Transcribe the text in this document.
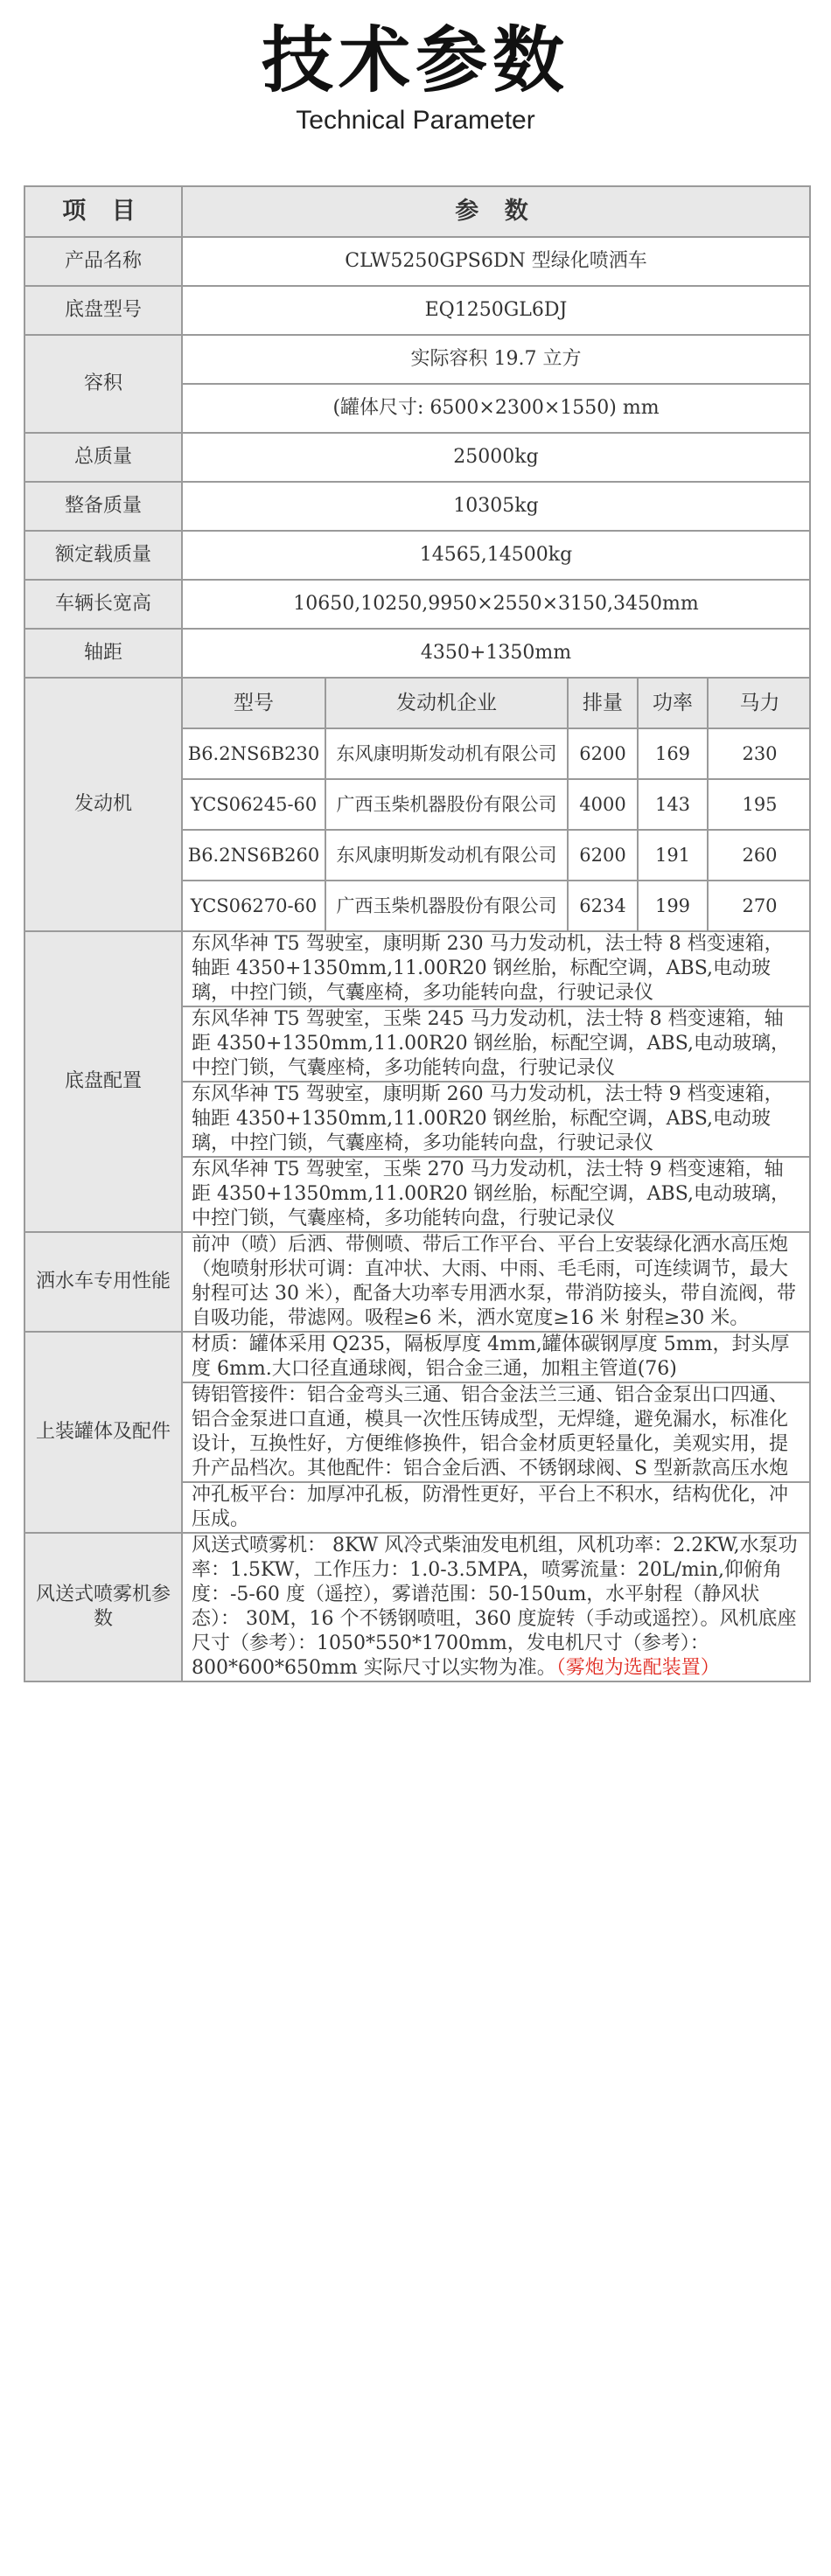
技术参数
Technical Parameter
项 目	参 数
产品名称	CLW5250GPS6DN 型绿化喷洒车
底盘型号	EQ1250GL6DJ
容积	实际容积 19.7 立方
(罐体尺寸: 6500×2300×1550) mm
总质量	25000kg
整备质量	10305kg
额定载质量	14565,14500kg
车辆长宽高	10650,10250,9950×2550×3150,3450mm
轴距	4350+1350mm
发动机	
型号	发动机企业	排量	功率	马力
B6.2NS6B230	东风康明斯发动机有限公司	6200	169	230
YCS06245-60	广西玉柴机器股份有限公司	4000	143	195
B6.2NS6B260	东风康明斯发动机有限公司	6200	191	260
YCS06270-60	广西玉柴机器股份有限公司	6234	199	270

底盘配置	东风华神 T5 驾驶室，康明斯 230 马力发动机，法士特 8 档变速箱，轴距 4350+1350mm,11.00R20 钢丝胎，标配空调，ABS,电动玻璃，中控门锁，气囊座椅，多功能转向盘，行驶记录仪
东风华神 T5 驾驶室，玉柴 245 马力发动机，法士特 8 档变速箱，轴距 4350+1350mm,11.00R20 钢丝胎，标配空调，ABS,电动玻璃，中控门锁，气囊座椅，多功能转向盘，行驶记录仪
东风华神 T5 驾驶室，康明斯 260 马力发动机，法士特 9 档变速箱，轴距 4350+1350mm,11.00R20 钢丝胎，标配空调，ABS,电动玻璃，中控门锁，气囊座椅，多功能转向盘，行驶记录仪
东风华神 T5 驾驶室，玉柴 270 马力发动机，法士特 9 档变速箱，轴距 4350+1350mm,11.00R20 钢丝胎，标配空调，ABS,电动玻璃，中控门锁，气囊座椅，多功能转向盘，行驶记录仪
洒水车专用性能	前冲（喷）后洒、带侧喷、带后工作平台、平台上安装绿化洒水高压炮（炮喷射形状可调：直冲状、大雨、中雨、毛毛雨，可连续调节，最大射程可达 30 米），配备大功率专用洒水泵，带消防接头，带自流阀，带自吸功能，带滤网。吸程≥6 米，洒水宽度≥16 米 射程≥30 米。
上装罐体及配件	材质：罐体采用 Q235，隔板厚度 4mm,罐体碳钢厚度 5mm，封头厚度 6mm.大口径直通球阀，铝合金三通，加粗主管道(76)
铸铝管接件：铝合金弯头三通、铝合金法兰三通、铝合金泵出口四通、铝合金泵进口直通，模具一次性压铸成型，无焊缝，避免漏水，标准化设计，互换性好，方便维修换件，铝合金材质更轻量化，美观实用，提升产品档次。其他配件：铝合金后洒、不锈钢球阀、S 型新款高压水炮
冲孔板平台：加厚冲孔板，防滑性更好，平台上不积水，结构优化，冲压成。
风送式喷雾机参数	风送式喷雾机： 8KW 风冷式柴油发电机组，风机功率：2.2KW,水泵功率：1.5KW，工作压力：1.0-3.5MPA，喷雾流量：20L/min,仰俯角度：-5-60 度（遥控），雾谱范围：50-150um，水平射程（静风状态）： 30M，16 个不锈钢喷咀，360 度旋转（手动或遥控）。风机底座尺寸（参考）：1050*550*1700mm，发电机尺寸（参考）：800*600*650mm 实际尺寸以实物为准。（雾炮为选配装置）
